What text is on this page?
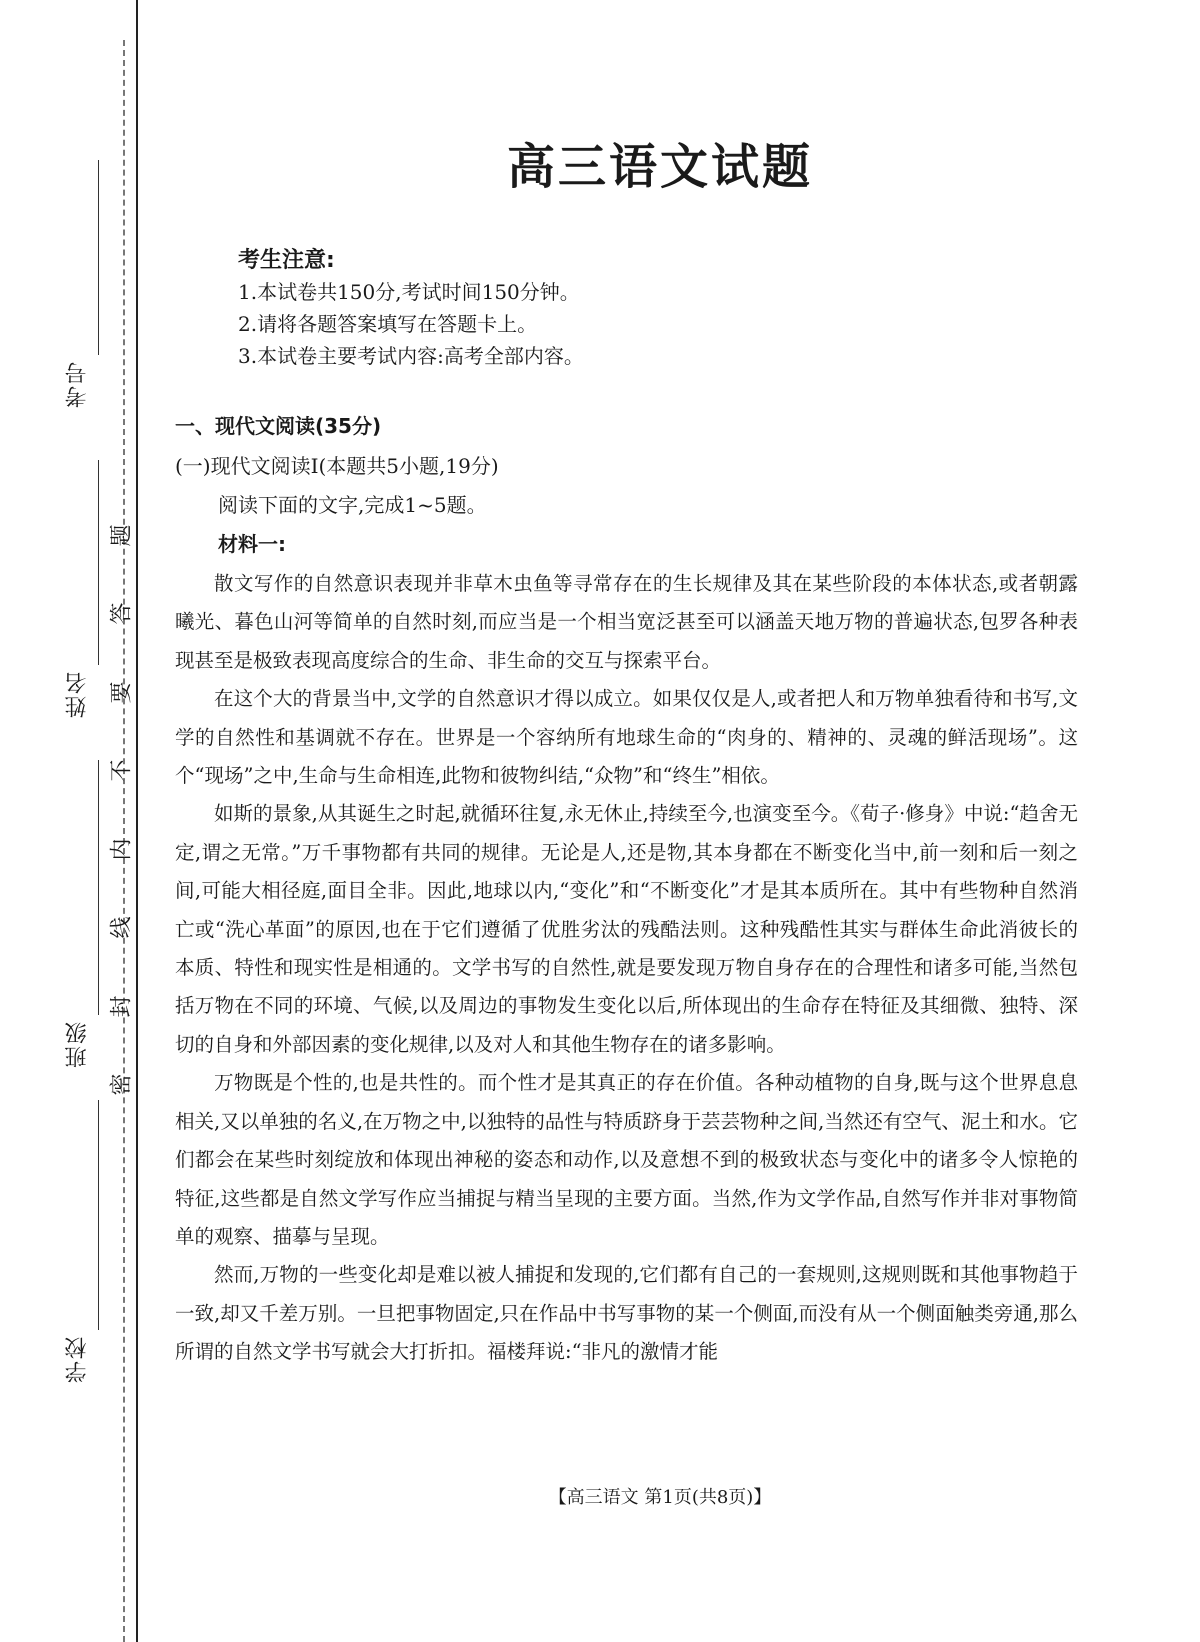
考号
姓名
班级
学校
题
答
要
不
内
线
封
密
高三语文试题
考生注意:
1.本试卷共150分,考试时间150分钟。
2.请将各题答案填写在答题卡上。
3.本试卷主要考试内容:高考全部内容。
一、现代文阅读(35分)
(一)现代文阅读Ⅰ(本题共5小题,19分)
阅读下面的文字,完成1~5题。
材料一:

散文写作的自然意识表现并非草木虫鱼等寻常存在的生长规律及其在某些阶段的本体状态,或者朝露曦光、暮色山河等简单的自然时刻,而应当是一个相当宽泛甚至可以涵盖天地万物的普遍状态,包罗各种表现甚至是极致表现高度综合的生命、非生命的交互与探索平台。

在这个大的背景当中,文学的自然意识才得以成立。如果仅仅是人,或者把人和万物单独看待和书写,文学的自然性和基调就不存在。世界是一个容纳所有地球生命的“肉身的、精神的、灵魂的鲜活现场”。这个“现场”之中,生命与生命相连,此物和彼物纠结,“众物”和“终生”相依。

如斯的景象,从其诞生之时起,就循环往复,永无休止,持续至今,也演变至今。《荀子·修身》中说:“趋舍无定,谓之无常。”万千事物都有共同的规律。无论是人,还是物,其本身都在不断变化当中,前一刻和后一刻之间,可能大相径庭,面目全非。因此,地球以内,“变化”和“不断变化”才是其本质所在。其中有些物种自然消亡或“洗心革面”的原因,也在于它们遵循了优胜劣汰的残酷法则。这种残酷性其实与群体生命此消彼长的本质、特性和现实性是相通的。文学书写的自然性,就是要发现万物自身存在的合理性和诸多可能,当然包括万物在不同的环境、气候,以及周边的事物发生变化以后,所体现出的生命存在特征及其细微、独特、深切的自身和外部因素的变化规律,以及对人和其他生物存在的诸多影响。

万物既是个性的,也是共性的。而个性才是其真正的存在价值。各种动植物的自身,既与这个世界息息相关,又以单独的名义,在万物之中,以独特的品性与特质跻身于芸芸物种之间,当然还有空气、泥土和水。它们都会在某些时刻绽放和体现出神秘的姿态和动作,以及意想不到的极致状态与变化中的诸多令人惊艳的特征,这些都是自然文学写作应当捕捉与精当呈现的主要方面。当然,作为文学作品,自然写作并非对事物简单的观察、描摹与呈现。

然而,万物的一些变化却是难以被人捕捉和发现的,它们都有自己的一套规则,这规则既和其他事物趋于一致,却又千差万别。一旦把事物固定,只在作品中书写事物的某一个侧面,而没有从一个侧面触类旁通,那么所谓的自然文学书写就会大打折扣。福楼拜说:“非凡的激情才能

【高三语文 第1页(共8页)】
